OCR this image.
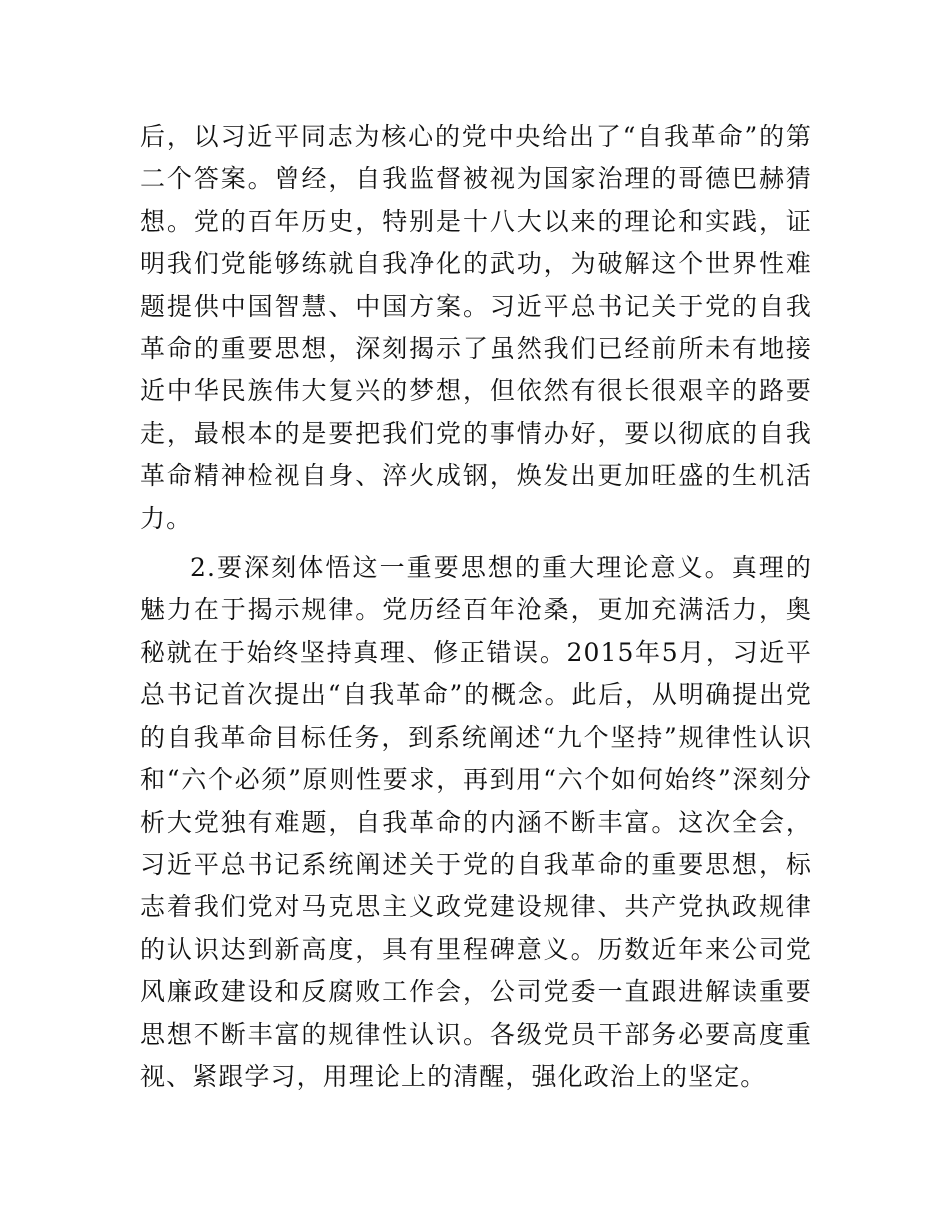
后，以习近平同志为核心的党中央给出了“自我革命”的第二个答案。曾经，自我监督被视为国家治理的哥德巴赫猜想。党的百年历史，特别是十八大以来的理论和实践，证明我们党能够练就自我净化的武功，为破解这个世界性难题提供中国智慧、中国方案。习近平总书记关于党的自我革命的重要思想，深刻揭示了虽然我们已经前所未有地接近中华民族伟大复兴的梦想，但依然有很长很艰辛的路要走，最根本的是要把我们党的事情办好，要以彻底的自我革命精神检视自身、淬火成钢，焕发出更加旺盛的生机活力。

2.要深刻体悟这一重要思想的重大理论意义。真理的魅力在于揭示规律。党历经百年沧桑，更加充满活力，奥秘就在于始终坚持真理、修正错误。2015年5月，习近平总书记首次提出“自我革命”的概念。此后，从明确提出党的自我革命目标任务，到系统阐述“九个坚持”规律性认识和“六个必须”原则性要求，再到用“六个如何始终”深刻分析大党独有难题，自我革命的内涵不断丰富。这次全会，习近平总书记系统阐述关于党的自我革命的重要思想，标志着我们党对马克思主义政党建设规律、共产党执政规律的认识达到新高度，具有里程碑意义。历数近年来公司党风廉政建设和反腐败工作会，公司党委一直跟进解读重要思想不断丰富的规律性认识。各级党员干部务必要高度重视、紧跟学习，用理论上的清醒，强化政治上的坚定。
